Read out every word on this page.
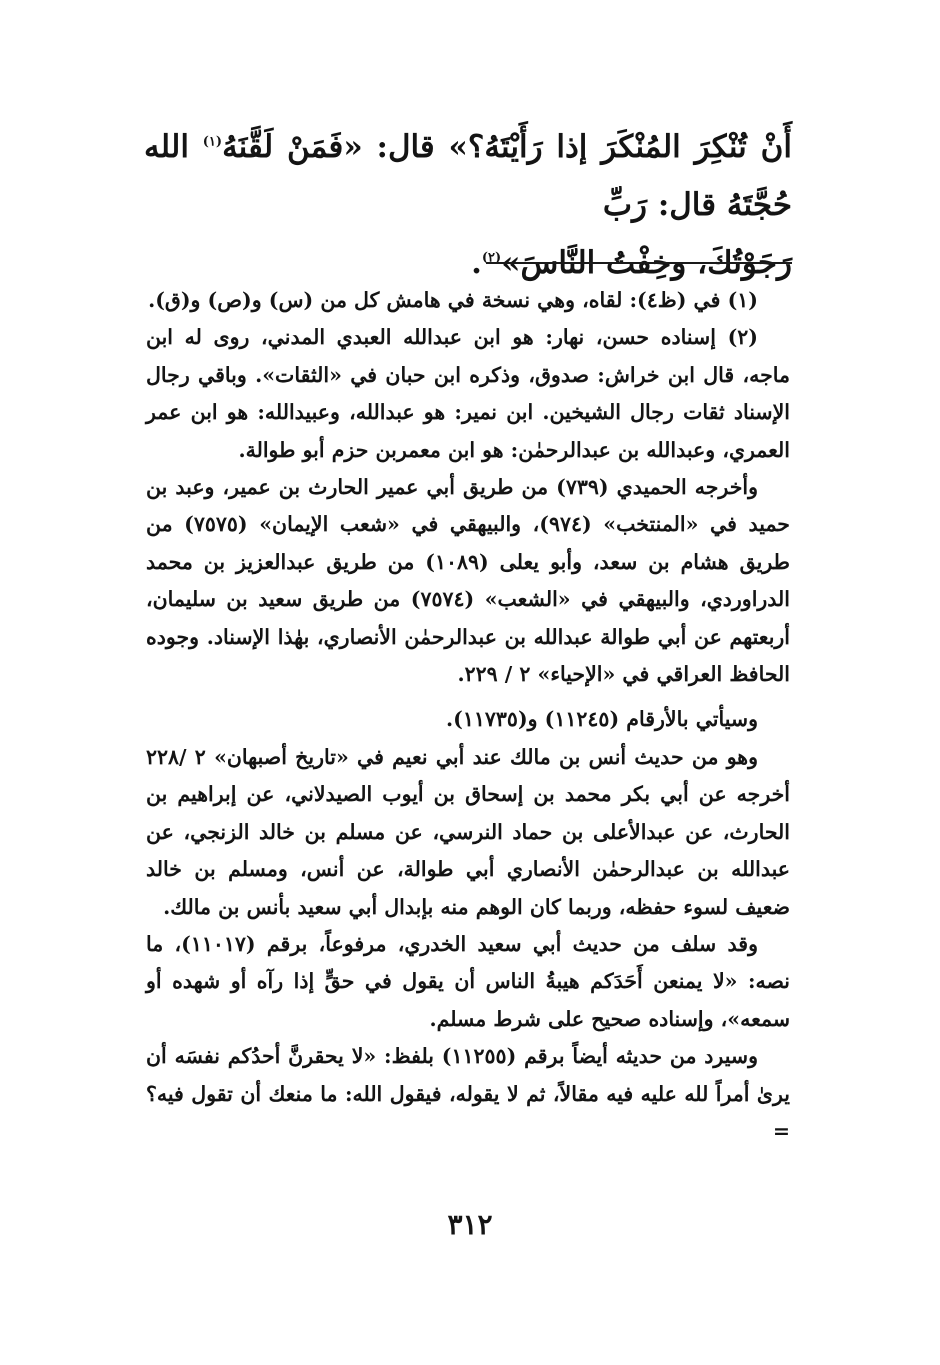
أَنْ تُنْكِرَ المُنْكَرَ إذا رَأَيْتَهُ؟» قال: «فَمَنْ لَقَّنَهُ$^{(١)}$ الله حُجَّتَهُ قال: رَبِّ

رَجَوْتُكَ، وخِفْتُ النَّاسَ»$^{(٢)}$.

(١) في (ظ٤): لقاه، وهي نسخة في هامش كل من (س) و(ص) و(ق).

(٢) إسناده حسن، نهار: هو ابن عبدالله العبدي المدني، روى له ابن ماجه، قال ابن خراش: صدوق، وذكره ابن حبان في «الثقات». وباقي رجال الإسناد ثقات رجال الشيخين. ابن نمير: هو عبدالله، وعبيدالله: هو ابن عمر العمري، وعبدالله بن عبدالرحمٰن: هو ابن معمربن حزم أبو طوالة.

وأخرجه الحميدي (٧٣٩) من طريق أبي عمير الحارث بن عمير، وعبد بن حميد في «المنتخب» (٩٧٤)، والبيهقي في «شعب الإيمان» (٧٥٧٥) من طريق هشام بن سعد، وأبو يعلى (١٠٨٩) من طريق عبدالعزيز بن محمد الدراوردي، والبيهقي في «الشعب» (٧٥٧٤) من طريق سعيد بن سليمان، أربعتهم عن أبي طوالة عبدالله بن عبدالرحمٰن الأنصاري، بهٰذا الإسناد. وجوده الحافظ العراقي في «الإحياء» ٢ / ٢٢٩.

وسيأتي بالأرقام (١١٢٤٥) و(١١٧٣٥).

وهو من حديث أنس بن مالك عند أبي نعيم في «تاريخ أصبهان» ٢ /٢٢٨ أخرجه عن أبي بكر محمد بن إسحاق بن أيوب الصيدلاني، عن إبراهيم بن الحارث، عن عبدالأعلى بن حماد النرسي، عن مسلم بن خالد الزنجي، عن عبدالله بن عبدالرحمٰن الأنصاري أبي طوالة، عن أنس، ومسلم بن خالد ضعيف لسوء حفظه، وربما كان الوهم منه بإبدال أبي سعيد بأنس بن مالك.

وقد سلف من حديث أبي سعيد الخدري، مرفوعاً، برقم (١١٠١٧)، ما نصه: «لا يمنعن أَحَدَكم هيبةُ الناس أن يقول في حقٍّ إذا رآه أو شهده أو سمعه»، وإسناده صحيح على شرط مسلم.

وسيرد من حديثه أيضاً برقم (١١٢٥٥) بلفظ: «لا يحقرنَّ أحدُكم نفسَه أن يرىٰ أمراً لله عليه فيه مقالاً، ثم لا يقوله، فيقول الله: ما منعك أن تقول فيه؟ =

٣١٢
